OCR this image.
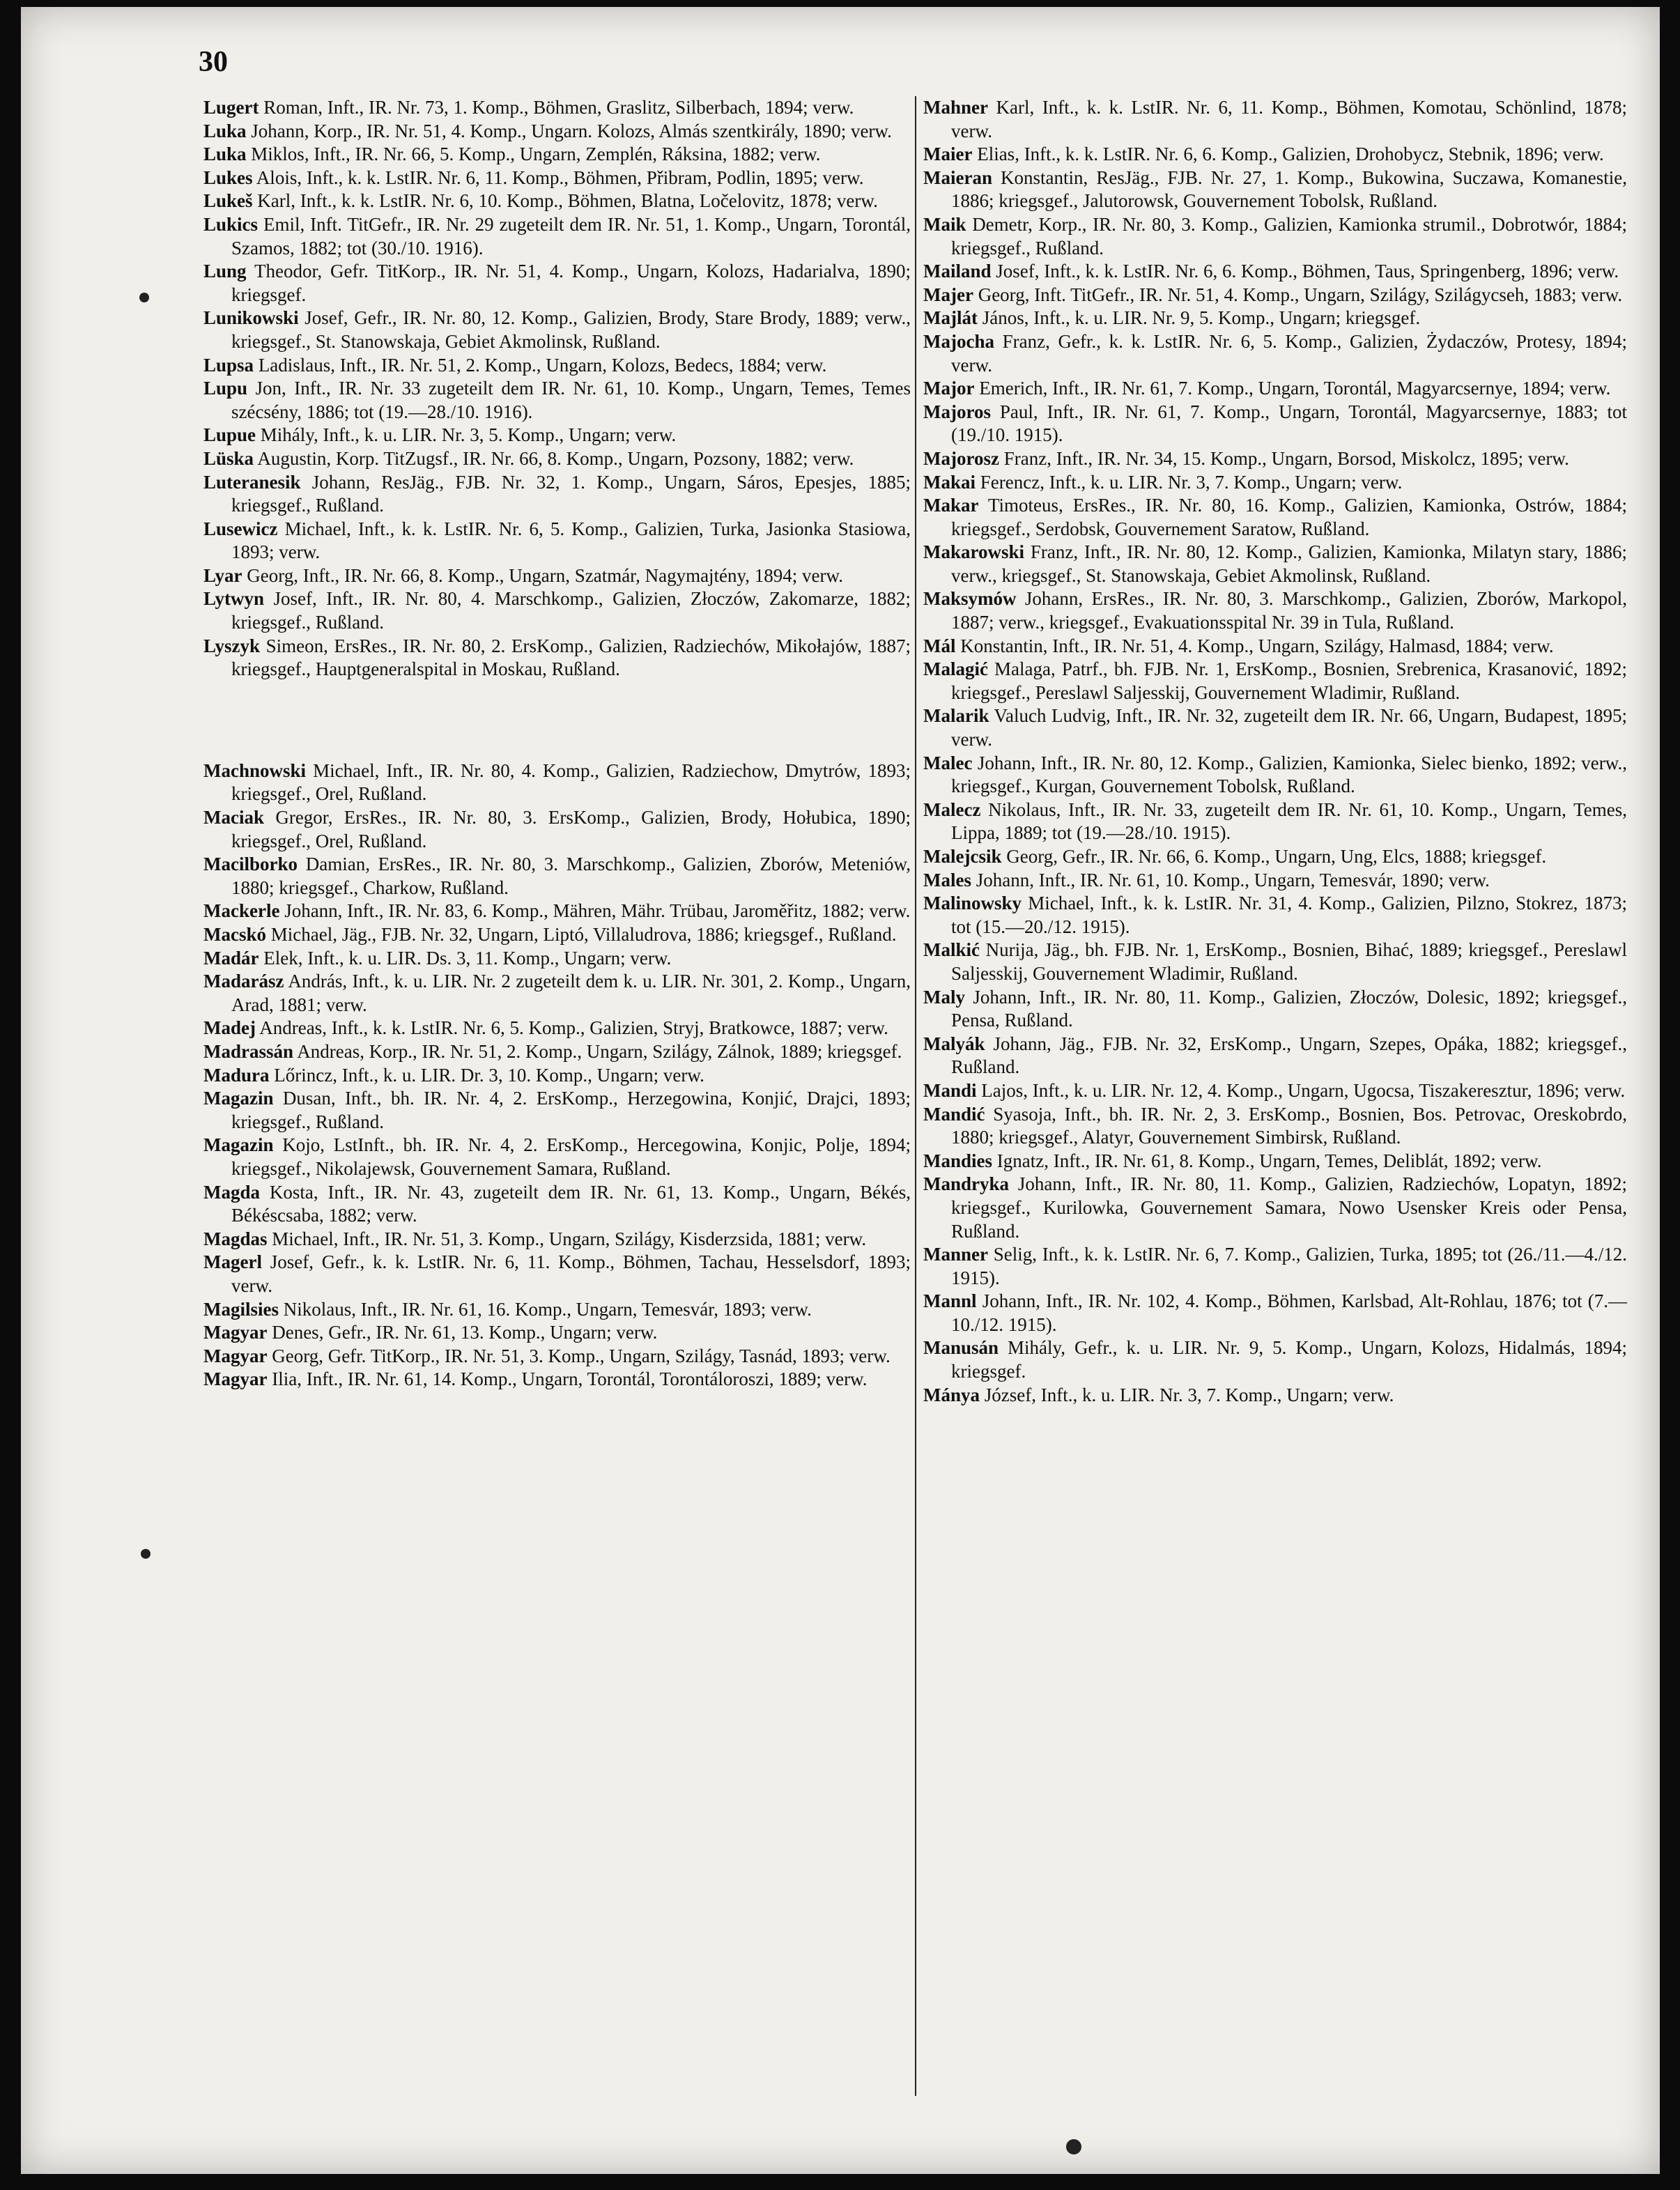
30

Lugert Roman, Inft., IR. Nr. 73, 1. Komp., Böhmen, Graslitz, Silberbach, 1894; verw.

Luka Johann, Korp., IR. Nr. 51, 4. Komp., Ungarn. Kolozs, Almás szentkirály, 1890; verw.

Luka Miklos, Inft., IR. Nr. 66, 5. Komp., Ungarn, Zemplén, Ráksina, 1882; verw.

Lukes Alois, Inft., k. k. LstIR. Nr. 6, 11. Komp., Böhmen, Přibram, Podlin, 1895; verw.

Lukeš Karl, Inft., k. k. LstIR. Nr. 6, 10. Komp., Böhmen, Blatna, Ločelovitz, 1878; verw.

Lukics Emil, Inft. TitGefr., IR. Nr. 29 zugeteilt dem IR. Nr. 51, 1. Komp., Ungarn, Torontál, Szamos, 1882; tot (30./10. 1916).

Lung Theodor, Gefr. TitKorp., IR. Nr. 51, 4. Komp., Ungarn, Kolozs, Hadarialva, 1890; kriegsgef.

Lunikowski Josef, Gefr., IR. Nr. 80, 12. Komp., Galizien, Brody, Stare Brody, 1889; verw., kriegsgef., St. Stanowskaja, Gebiet Akmolinsk, Rußland.

Lupsa Ladislaus, Inft., IR. Nr. 51, 2. Komp., Ungarn, Kolozs, Bedecs, 1884; verw.

Lupu Jon, Inft., IR. Nr. 33 zugeteilt dem IR. Nr. 61, 10. Komp., Ungarn, Temes, Temes szécsény, 1886; tot (19.—28./10. 1916).

Lupue Mihály, Inft., k. u. LIR. Nr. 3, 5. Komp., Ungarn; verw.

Lüska Augustin, Korp. TitZugsf., IR. Nr. 66, 8. Komp., Ungarn, Pozsony, 1882; verw.

Luteranesik Johann, ResJäg., FJB. Nr. 32, 1. Komp., Ungarn, Sáros, Epesjes, 1885; kriegsgef., Rußland.

Lusewicz Michael, Inft., k. k. LstIR. Nr. 6, 5. Komp., Galizien, Turka, Jasionka Stasiowa, 1893; verw.

Lyar Georg, Inft., IR. Nr. 66, 8. Komp., Ungarn, Szatmár, Nagymajtény, 1894; verw.

Lytwyn Josef, Inft., IR. Nr. 80, 4. Marschkomp., Galizien, Złoczów, Zakomarze, 1882; kriegsgef., Rußland.

Lyszyk Simeon, ErsRes., IR. Nr. 80, 2. ErsKomp., Galizien, Radziechów, Mikołajów, 1887; kriegsgef., Hauptgeneralspital in Moskau, Rußland.

Machnowski Michael, Inft., IR. Nr. 80, 4. Komp., Galizien, Radziechow, Dmytrów, 1893; kriegsgef., Orel, Rußland.

Maciak Gregor, ErsRes., IR. Nr. 80, 3. ErsKomp., Galizien, Brody, Hołubica, 1890; kriegsgef., Orel, Rußland.

Macilborko Damian, ErsRes., IR. Nr. 80, 3. Marschkomp., Galizien, Zborów, Meteniów, 1880; kriegsgef., Charkow, Rußland.

Mackerle Johann, Inft., IR. Nr. 83, 6. Komp., Mähren, Mähr. Trübau, Jaroměřitz, 1882; verw.

Macskó Michael, Jäg., FJB. Nr. 32, Ungarn, Liptó, Villaludrova, 1886; kriegsgef., Rußland.

Madár Elek, Inft., k. u. LIR. Ds. 3, 11. Komp., Ungarn; verw.

Madarász András, Inft., k. u. LIR. Nr. 2 zugeteilt dem k. u. LIR. Nr. 301, 2. Komp., Ungarn, Arad, 1881; verw.

Madej Andreas, Inft., k. k. LstIR. Nr. 6, 5. Komp., Galizien, Stryj, Bratkowce, 1887; verw.

Madrassán Andreas, Korp., IR. Nr. 51, 2. Komp., Ungarn, Szilágy, Zálnok, 1889; kriegsgef.

Madura Lőrincz, Inft., k. u. LIR. Dr. 3, 10. Komp., Ungarn; verw.

Magazin Dusan, Inft., bh. IR. Nr. 4, 2. ErsKomp., Herzegowina, Konjić, Drajci, 1893; kriegsgef., Rußland.

Magazin Kojo, LstInft., bh. IR. Nr. 4, 2. ErsKomp., Hercegowina, Konjic, Polje, 1894; kriegsgef., Nikolajewsk, Gouvernement Samara, Rußland.

Magda Kosta, Inft., IR. Nr. 43, zugeteilt dem IR. Nr. 61, 13. Komp., Ungarn, Békés, Békéscsaba, 1882; verw.

Magdas Michael, Inft., IR. Nr. 51, 3. Komp., Ungarn, Szilágy, Kisderzsida, 1881; verw.

Magerl Josef, Gefr., k. k. LstIR. Nr. 6, 11. Komp., Böhmen, Tachau, Hesselsdorf, 1893; verw.

Magilsies Nikolaus, Inft., IR. Nr. 61, 16. Komp., Ungarn, Temesvár, 1893; verw.

Magyar Denes, Gefr., IR. Nr. 61, 13. Komp., Ungarn; verw.

Magyar Georg, Gefr. TitKorp., IR. Nr. 51, 3. Komp., Ungarn, Szilágy, Tasnád, 1893; verw.

Magyar Ilia, Inft., IR. Nr. 61, 14. Komp., Ungarn, Torontál, Torontáloroszi, 1889; verw.

Mahner Karl, Inft., k. k. LstIR. Nr. 6, 11. Komp., Böhmen, Komotau, Schönlind, 1878; verw.

Maier Elias, Inft., k. k. LstIR. Nr. 6, 6. Komp., Galizien, Drohobycz, Stebnik, 1896; verw.

Maieran Konstantin, ResJäg., FJB. Nr. 27, 1. Komp., Bukowina, Suczawa, Komanestie, 1886; kriegsgef., Jalutorowsk, Gouvernement Tobolsk, Rußland.

Maik Demetr, Korp., IR. Nr. 80, 3. Komp., Galizien, Kamionka strumil., Dobrotwór, 1884; kriegsgef., Rußland.

Mailand Josef, Inft., k. k. LstIR. Nr. 6, 6. Komp., Böhmen, Taus, Springenberg, 1896; verw.

Majer Georg, Inft. TitGefr., IR. Nr. 51, 4. Komp., Ungarn, Szilágy, Szilágycseh, 1883; verw.

Majlát János, Inft., k. u. LIR. Nr. 9, 5. Komp., Ungarn; kriegsgef.

Majocha Franz, Gefr., k. k. LstIR. Nr. 6, 5. Komp., Galizien, Żydaczów, Protesy, 1894; verw.

Major Emerich, Inft., IR. Nr. 61, 7. Komp., Ungarn, Torontál, Magyarcsernye, 1894; verw.

Majoros Paul, Inft., IR. Nr. 61, 7. Komp., Ungarn, Torontál, Magyarcsernye, 1883; tot (19./10. 1915).

Majorosz Franz, Inft., IR. Nr. 34, 15. Komp., Ungarn, Borsod, Miskolcz, 1895; verw.

Makai Ferencz, Inft., k. u. LIR. Nr. 3, 7. Komp., Ungarn; verw.

Makar Timoteus, ErsRes., IR. Nr. 80, 16. Komp., Galizien, Kamionka, Ostrów, 1884; kriegsgef., Serdobsk, Gouvernement Saratow, Rußland.

Makarowski Franz, Inft., IR. Nr. 80, 12. Komp., Galizien, Kamionka, Milatyn stary, 1886; verw., kriegsgef., St. Stanowskaja, Gebiet Akmolinsk, Rußland.

Maksymów Johann, ErsRes., IR. Nr. 80, 3. Marschkomp., Galizien, Zborów, Markopol, 1887; verw., kriegsgef., Evakuationsspital Nr. 39 in Tula, Rußland.

Mál Konstantin, Inft., IR. Nr. 51, 4. Komp., Ungarn, Szilágy, Halmasd, 1884; verw.

Malagić Malaga, Patrf., bh. FJB. Nr. 1, ErsKomp., Bosnien, Srebrenica, Krasanović, 1892; kriegsgef., Pereslawl Saljesskij, Gouvernement Wladimir, Rußland.

Malarik Valuch Ludvig, Inft., IR. Nr. 32, zugeteilt dem IR. Nr. 66, Ungarn, Budapest, 1895; verw.

Malec Johann, Inft., IR. Nr. 80, 12. Komp., Galizien, Kamionka, Sielec bienko, 1892; verw., kriegsgef., Kurgan, Gouvernement Tobolsk, Rußland.

Malecz Nikolaus, Inft., IR. Nr. 33, zugeteilt dem IR. Nr. 61, 10. Komp., Ungarn, Temes, Lippa, 1889; tot (19.—28./10. 1915).

Malejcsik Georg, Gefr., IR. Nr. 66, 6. Komp., Ungarn, Ung, Elcs, 1888; kriegsgef.

Males Johann, Inft., IR. Nr. 61, 10. Komp., Ungarn, Temesvár, 1890; verw.

Malinowsky Michael, Inft., k. k. LstIR. Nr. 31, 4. Komp., Galizien, Pilzno, Stokrez, 1873; tot (15.—20./12. 1915).

Malkić Nurija, Jäg., bh. FJB. Nr. 1, ErsKomp., Bosnien, Bihać, 1889; kriegsgef., Pereslawl Saljesskij, Gouvernement Wladimir, Rußland.

Maly Johann, Inft., IR. Nr. 80, 11. Komp., Galizien, Złoczów, Dolesic, 1892; kriegsgef., Pensa, Rußland.

Malyák Johann, Jäg., FJB. Nr. 32, ErsKomp., Ungarn, Szepes, Opáka, 1882; kriegsgef., Rußland.

Mandi Lajos, Inft., k. u. LIR. Nr. 12, 4. Komp., Ungarn, Ugocsa, Tiszakeresztur, 1896; verw.

Mandić Syasoja, Inft., bh. IR. Nr. 2, 3. ErsKomp., Bosnien, Bos. Petrovac, Oreskobrdo, 1880; kriegsgef., Alatyr, Gouvernement Simbirsk, Rußland.

Mandies Ignatz, Inft., IR. Nr. 61, 8. Komp., Ungarn, Temes, Deliblát, 1892; verw.

Mandryka Johann, Inft., IR. Nr. 80, 11. Komp., Galizien, Radziechów, Lopatyn, 1892; kriegsgef., Kurilowka, Gouvernement Samara, Nowo Usensker Kreis oder Pensa, Rußland.

Manner Selig, Inft., k. k. LstIR. Nr. 6, 7. Komp., Galizien, Turka, 1895; tot (26./11.—4./12. 1915).

Mannl Johann, Inft., IR. Nr. 102, 4. Komp., Böhmen, Karlsbad, Alt-Rohlau, 1876; tot (7.—10./12. 1915).

Manusán Mihály, Gefr., k. u. LIR. Nr. 9, 5. Komp., Ungarn, Kolozs, Hidalmás, 1894; kriegsgef.

Mánya József, Inft., k. u. LIR. Nr. 3, 7. Komp., Ungarn; verw.
